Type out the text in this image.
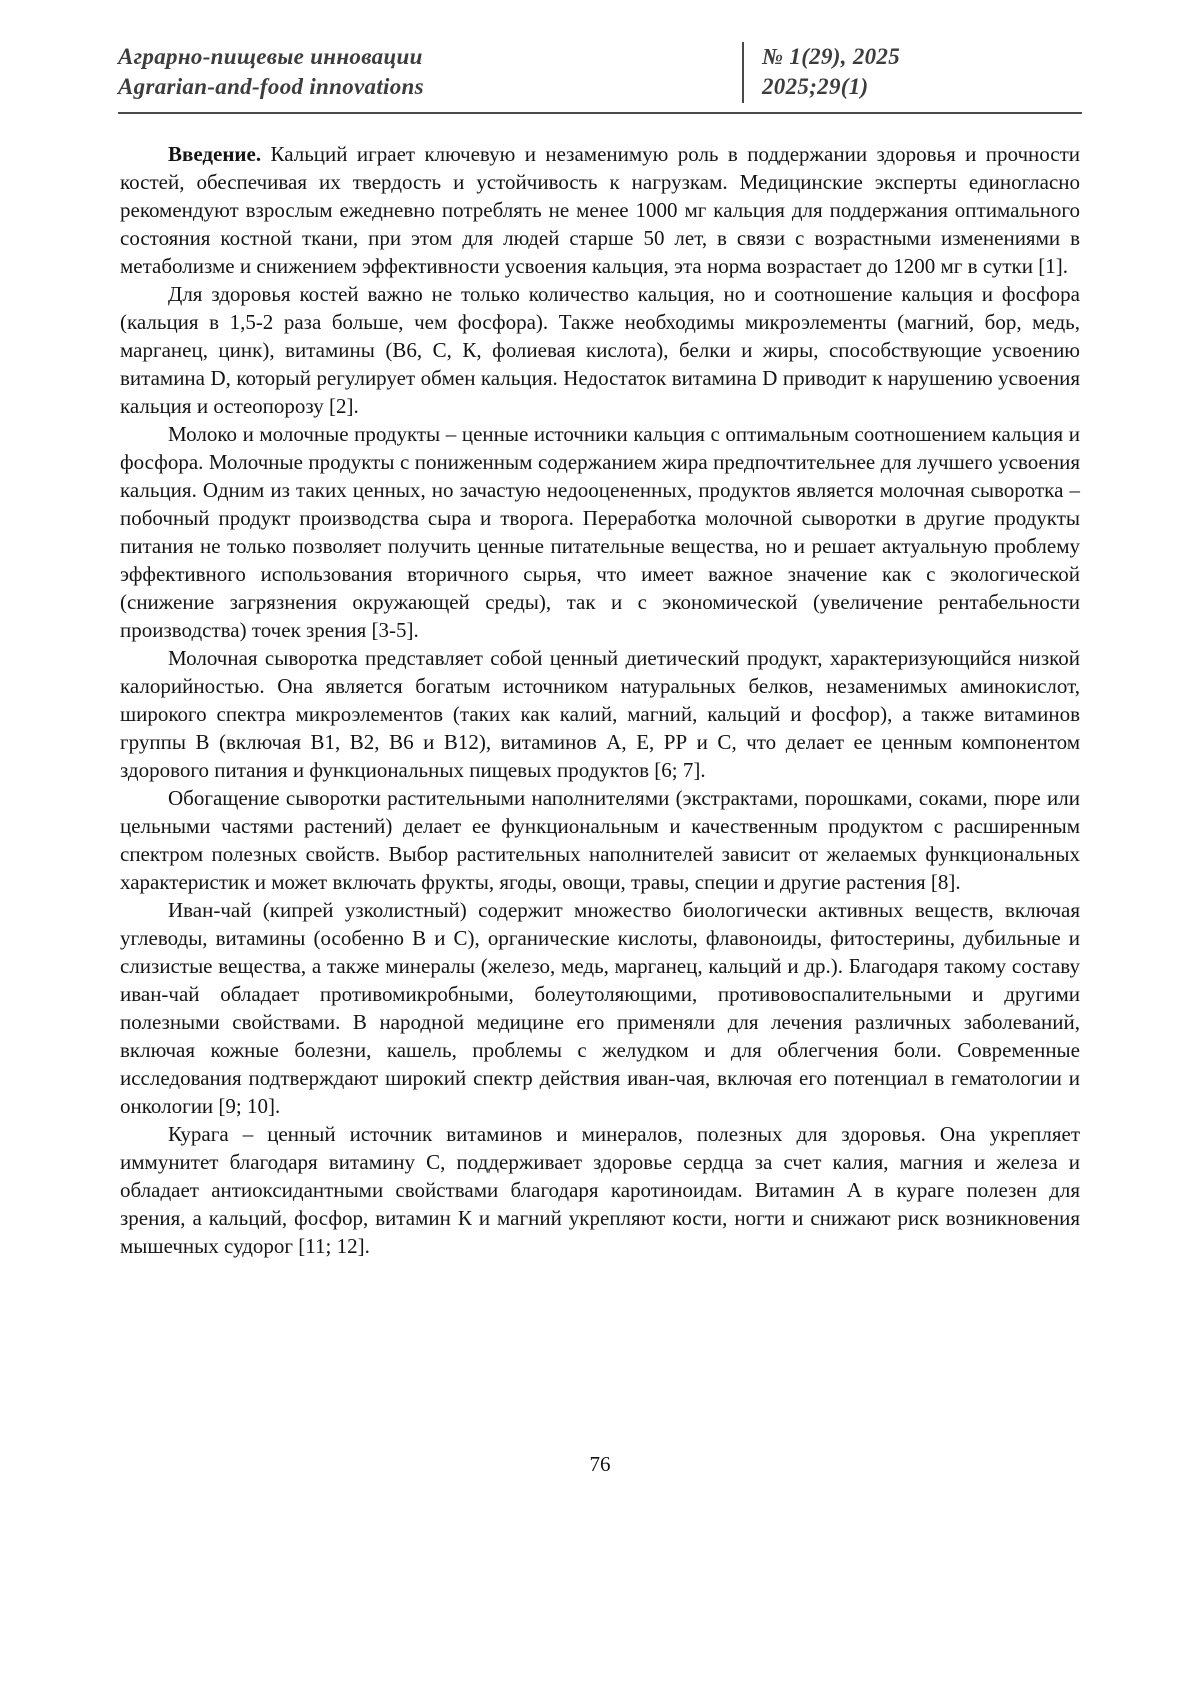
Аграрно-пищевые инновации
Agrarian-and-food innovations
№ 1(29), 2025
2025;29(1)

Введение. Кальций играет ключевую и незаменимую роль в поддержании здоровья и прочности костей, обеспечивая их твердость и устойчивость к нагрузкам. Медицинские эксперты единогласно рекомендуют взрослым ежедневно потреблять не менее 1000 мг кальция для поддержания оптимального состояния костной ткани, при этом для людей старше 50 лет, в связи с возрастными изменениями в метаболизме и снижением эффективности усвоения кальция, эта норма возрастает до 1200 мг в сутки [1].

Для здоровья костей важно не только количество кальция, но и соотношение кальция и фосфора (кальция в 1,5-2 раза больше, чем фосфора). Также необходимы микроэлементы (магний, бор, медь, марганец, цинк), витамины (В6, С, К, фолиевая кислота), белки и жиры, способствующие усвоению витамина D, который регулирует обмен кальция. Недостаток витамина D приводит к нарушению усвоения кальция и остеопорозу [2].

Молоко и молочные продукты – ценные источники кальция с оптимальным соотношением кальция и фосфора. Молочные продукты с пониженным содержанием жира предпочтительнее для лучшего усвоения кальция. Одним из таких ценных, но зачастую недооцененных, продуктов является молочная сыворотка – побочный продукт производства сыра и творога. Переработка молочной сыворотки в другие продукты питания не только позволяет получить ценные питательные вещества, но и решает актуальную проблему эффективного использования вторичного сырья, что имеет важное значение как с экологической (снижение загрязнения окружающей среды), так и с экономической (увеличение рентабельности производства) точек зрения [3-5].

Молочная сыворотка представляет собой ценный диетический продукт, характеризующийся низкой калорийностью. Она является богатым источником натуральных белков, незаменимых аминокислот, широкого спектра микроэлементов (таких как калий, магний, кальций и фосфор), а также витаминов группы В (включая В1, В2, В6 и В12), витаминов А, Е, РР и С, что делает ее ценным компонентом здорового питания и функциональных пищевых продуктов [6; 7].

Обогащение сыворотки растительными наполнителями (экстрактами, порошками, соками, пюре или цельными частями растений) делает ее функциональным и качественным продуктом с расширенным спектром полезных свойств. Выбор растительных наполнителей зависит от желаемых функциональных характеристик и может включать фрукты, ягоды, овощи, травы, специи и другие растения [8].

Иван-чай (кипрей узколистный) содержит множество биологически активных веществ, включая углеводы, витамины (особенно В и С), органические кислоты, флавоноиды, фитостерины, дубильные и слизистые вещества, а также минералы (железо, медь, марганец, кальций и др.). Благодаря такому составу иван-чай обладает противомикробными, болеутоляющими, противовоспалительными и другими полезными свойствами. В народной медицине его применяли для лечения различных заболеваний, включая кожные болезни, кашель, проблемы с желудком и для облегчения боли. Современные исследования подтверждают широкий спектр действия иван-чая, включая его потенциал в гематологии и онкологии [9; 10].

Курага – ценный источник витаминов и минералов, полезных для здоровья. Она укрепляет иммунитет благодаря витамину С, поддерживает здоровье сердца за счет калия, магния и железа и обладает антиоксидантными свойствами благодаря каротиноидам. Витамин А в кураге полезен для зрения, а кальций, фосфор, витамин К и магний укрепляют кости, ногти и снижают риск возникновения мышечных судорог [11; 12].

76
